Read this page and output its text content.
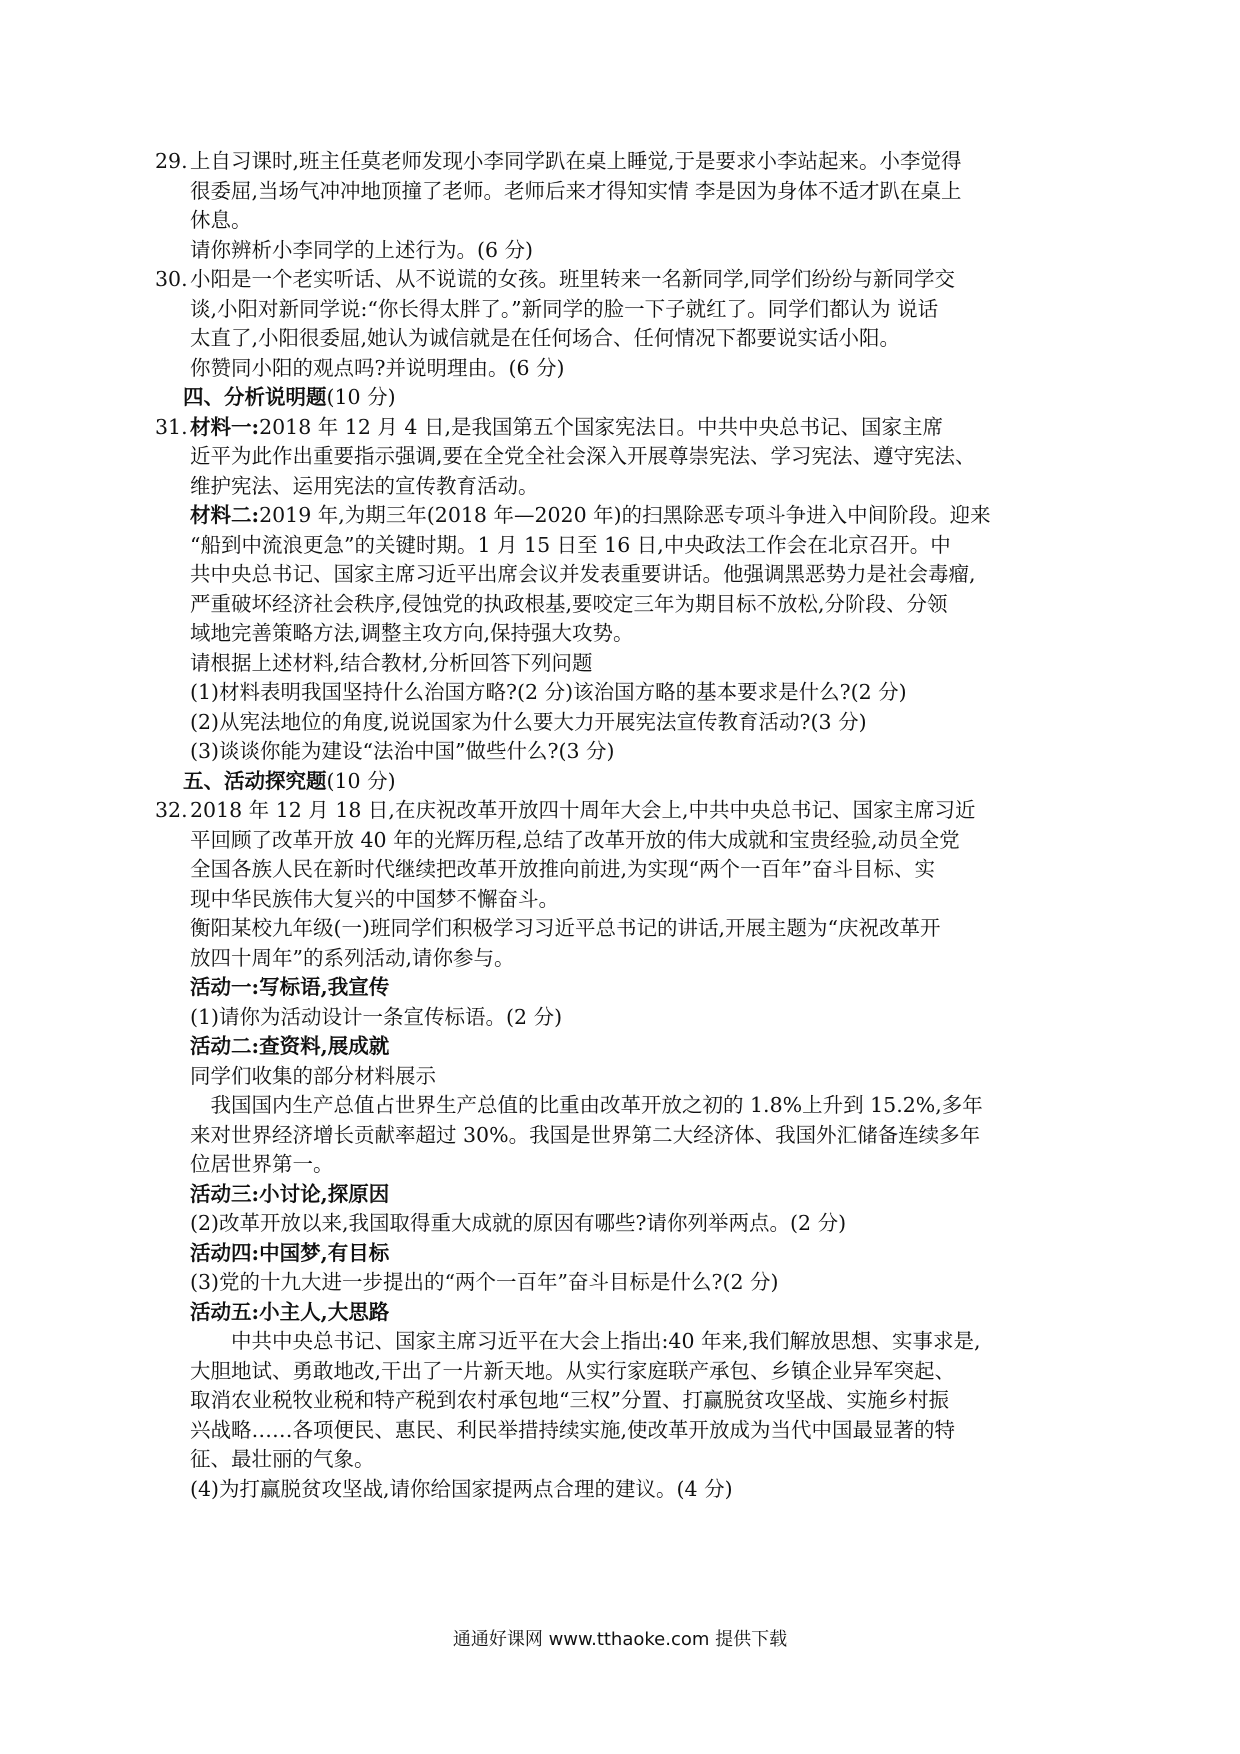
29. 上自习课时,班主任莫老师发现小李同学趴在桌上睡觉,于是要求小李站起来。小李觉得
很委屈,当场气冲冲地顶撞了老师。老师后来才得知实情 李是因为身体不适才趴在桌上
休息。
请你辨析小李同学的上述行为。(6 分)
30. 小阳是一个老实听话、从不说谎的女孩。班里转来一名新同学,同学们纷纷与新同学交
谈,小阳对新同学说:“你长得太胖了。”新同学的脸一下子就红了。同学们都认为 说话
太直了,小阳很委屈,她认为诚信就是在任何场合、任何情况下都要说实话小阳。
你赞同小阳的观点吗?并说明理由。(6 分)
四、分析说明题(10 分)
31. 材料一:2018 年 12 月 4 日,是我国第五个国家宪法日。中共中央总书记、国家主席
近平为此作出重要指示强调,要在全党全社会深入开展尊崇宪法、学习宪法、遵守宪法、
维护宪法、运用宪法的宣传教育活动。
材料二:2019 年,为期三年(2018 年—2020 年)的扫黑除恶专项斗争进入中间阶段。迎来
“船到中流浪更急”的关键时期。1 月 15 日至 16 日,中央政法工作会在北京召开。中
共中央总书记、国家主席习近平出席会议并发表重要讲话。他强调黑恶势力是社会毒瘤,
严重破坏经济社会秩序,侵蚀党的执政根基,要咬定三年为期目标不放松,分阶段、分领
域地完善策略方法,调整主攻方向,保持强大攻势。
请根据上述材料,结合教材,分析回答下列问题
(1)材料表明我国坚持什么治国方略?(2 分)该治国方略的基本要求是什么?(2 分)
(2)从宪法地位的角度,说说国家为什么要大力开展宪法宣传教育活动?(3 分)
(3)谈谈你能为建设“法治中国”做些什么?(3 分)
五、活动探究题(10 分)
32. 2018 年 12 月 18 日,在庆祝改革开放四十周年大会上,中共中央总书记、国家主席习近
平回顾了改革开放 40 年的光辉历程,总结了改革开放的伟大成就和宝贵经验,动员全党
全国各族人民在新时代继续把改革开放推向前进,为实现“两个一百年”奋斗目标、实
现中华民族伟大复兴的中国梦不懈奋斗。
衡阳某校九年级(一)班同学们积极学习习近平总书记的讲话,开展主题为“庆祝改革开
放四十周年”的系列活动,请你参与。
活动一:写标语,我宣传
(1)请你为活动设计一条宣传标语。(2 分)
活动二:查资料,展成就
同学们收集的部分材料展示
我国国内生产总值占世界生产总值的比重由改革开放之初的 1.8%上升到 15.2%,多年
来对世界经济增长贡献率超过 30%。我国是世界第二大经济体、我国外汇储备连续多年
位居世界第一。
活动三:小讨论,探原因
(2)改革开放以来,我国取得重大成就的原因有哪些?请你列举两点。(2 分)
活动四:中国梦,有目标
(3)党的十九大进一步提出的“两个一百年”奋斗目标是什么?(2 分)
活动五:小主人,大思路
中共中央总书记、国家主席习近平在大会上指出:40 年来,我们解放思想、实事求是,
大胆地试、勇敢地改,干出了一片新天地。从实行家庭联产承包、乡镇企业异军突起、
取消农业税牧业税和特产税到农村承包地“三权”分置、打赢脱贫攻坚战、实施乡村振
兴战略……各项便民、惠民、利民举措持续实施,使改革开放成为当代中国最显著的特
征、最壮丽的气象。
(4)为打赢脱贫攻坚战,请你给国家提两点合理的建议。(4 分)
通通好课网 www.tthaoke.com 提供下载
